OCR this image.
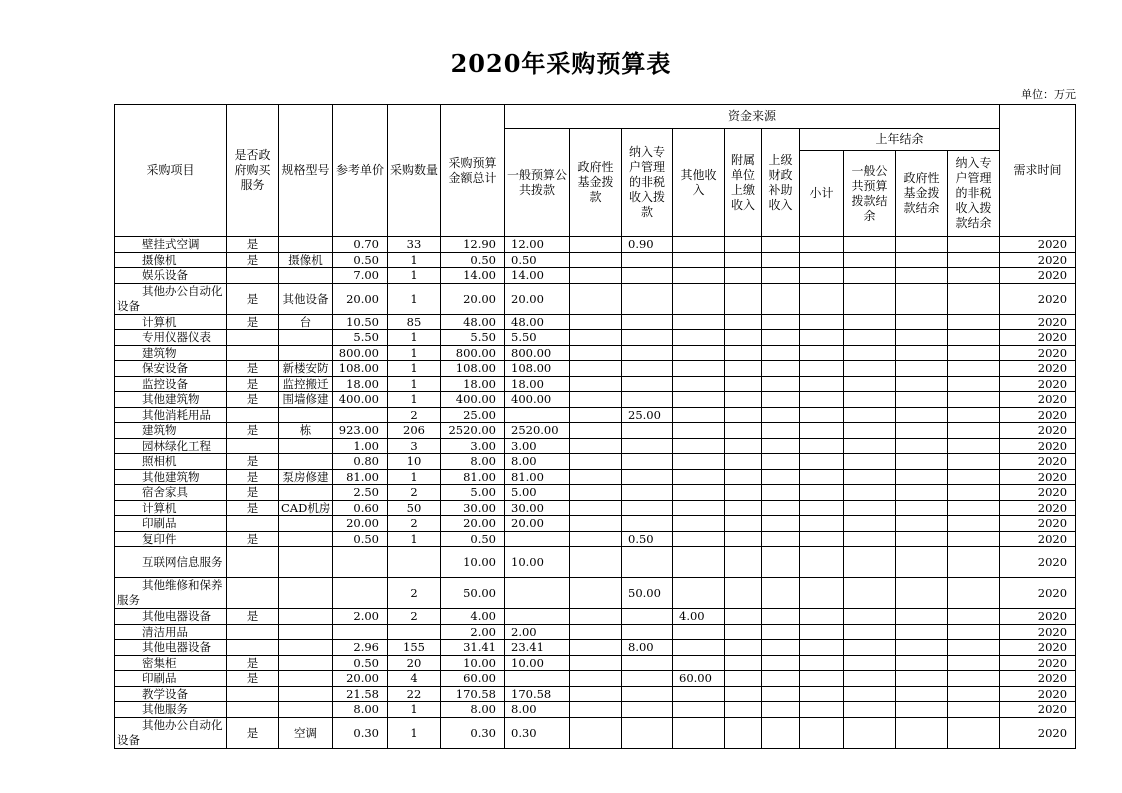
2020年采购预算表
单位：万元
采购项目	是否政府购买服务	规格型号	参考单价	采购数量	采购预算金额总计	资金来源										需求时间
						一般预算公共拨款	政府性基金拨款	纳入专户管理的非税收入拨款	其他收入	附属单位上缴收入	上级财政补助收入	上年结余				
												小计	一般公共预算拨款结余	政府性基金拨款结余	纳入专户管理的非税收入拨款结余	
壁挂式空调	是		0.70	33	12.90	12.00		0.90								2020
摄像机	是	摄像机	0.50	1	0.50	0.50										2020
娱乐设备			7.00	1	14.00	14.00										2020
其他办公自动化设备	是	其他设备	20.00	1	20.00	20.00										2020
计算机	是	台	10.50	85	48.00	48.00										2020
专用仪器仪表			5.50	1	5.50	5.50										2020
建筑物			800.00	1	800.00	800.00										2020
保安设备	是	新楼安防	108.00	1	108.00	108.00										2020
监控设备	是	监控搬迁	18.00	1	18.00	18.00										2020
其他建筑物	是	围墙修建	400.00	1	400.00	400.00										2020
其他消耗用品				2	25.00			25.00								2020
建筑物	是	栋	923.00	206	2520.00	2520.00										2020
园林绿化工程			1.00	3	3.00	3.00										2020
照相机	是		0.80	10	8.00	8.00										2020
其他建筑物	是	泵房修建	81.00	1	81.00	81.00										2020
宿舍家具	是		2.50	2	5.00	5.00										2020
计算机	是	CAD机房	0.60	50	30.00	30.00										2020
印刷品			20.00	2	20.00	20.00										2020
复印件	是		0.50	1	0.50			0.50								2020
互联网信息服务					10.00	10.00										2020
其他维修和保养服务				2	50.00			50.00								2020
其他电器设备	是		2.00	2	4.00				4.00							2020
清洁用品					2.00	2.00										2020
其他电器设备			2.96	155	31.41	23.41		8.00								2020
密集柜	是		0.50	20	10.00	10.00										2020
印刷品	是		20.00	4	60.00				60.00							2020
教学设备			21.58	22	170.58	170.58										2020
其他服务			8.00	1	8.00	8.00										2020
其他办公自动化设备	是	空调	0.30	1	0.30	0.30										2020
